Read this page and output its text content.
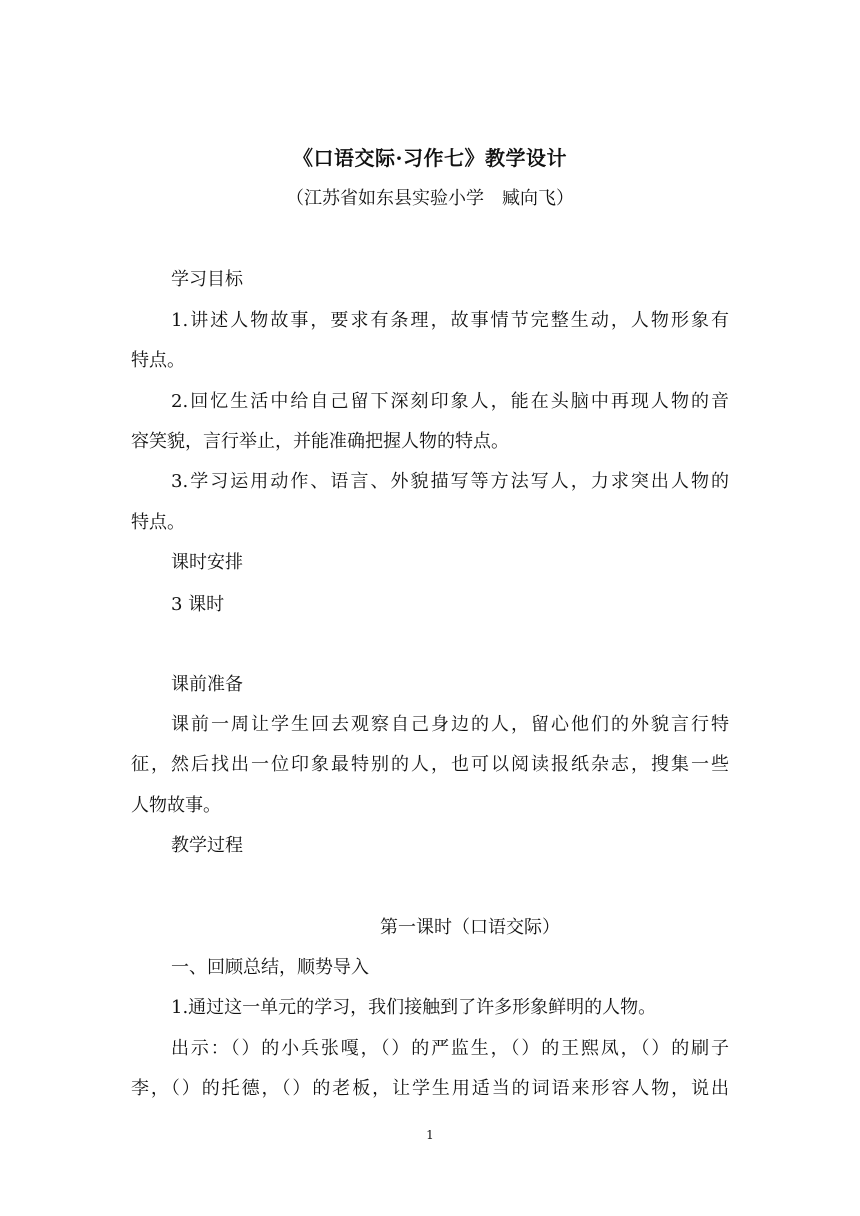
《口语交际·习作七》教学设计
（江苏省如东县实验小学　臧向飞）
学习目标
1.讲述人物故事，要求有条理，故事情节完整生动，人物形象有
特点。
2.回忆生活中给自己留下深刻印象人，能在头脑中再现人物的音
容笑貌，言行举止，并能准确把握人物的特点。
3.学习运用动作、语言、外貌描写等方法写人，力求突出人物的
特点。
课时安排
3 课时
课前准备
课前一周让学生回去观察自己身边的人，留心他们的外貌言行特
征，然后找出一位印象最特别的人，也可以阅读报纸杂志，搜集一些
人物故事。
教学过程
第一课时（口语交际）
一、回顾总结，顺势导入
1.通过这一单元的学习，我们接触到了许多形象鲜明的人物。
出示：（）的小兵张嘎，（）的严监生，（）的王熙凤，（）的刷子
李，（）的托德，（）的老板，让学生用适当的词语来形容人物，说出
1
